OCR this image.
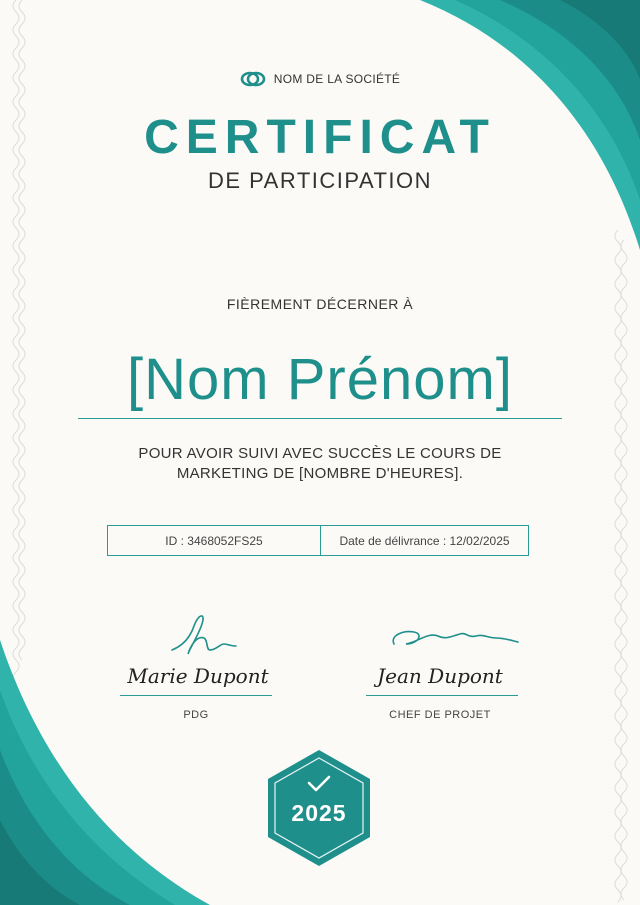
NOM DE LA SOCIÉTÉ
CERTIFICAT
DE PARTICIPATION
FIÈREMENT DÉCERNER À
[Nom Prénom]
POUR AVOIR SUIVI AVEC SUCCÈS LE COURS DE
MARKETING DE [NOMBRE D'HEURES].
ID : 3468052FS25	Date de délivrance : 12/02/2025
Marie Dupont
PDG
Jean Dupont
CHEF DE PROJET
2025
